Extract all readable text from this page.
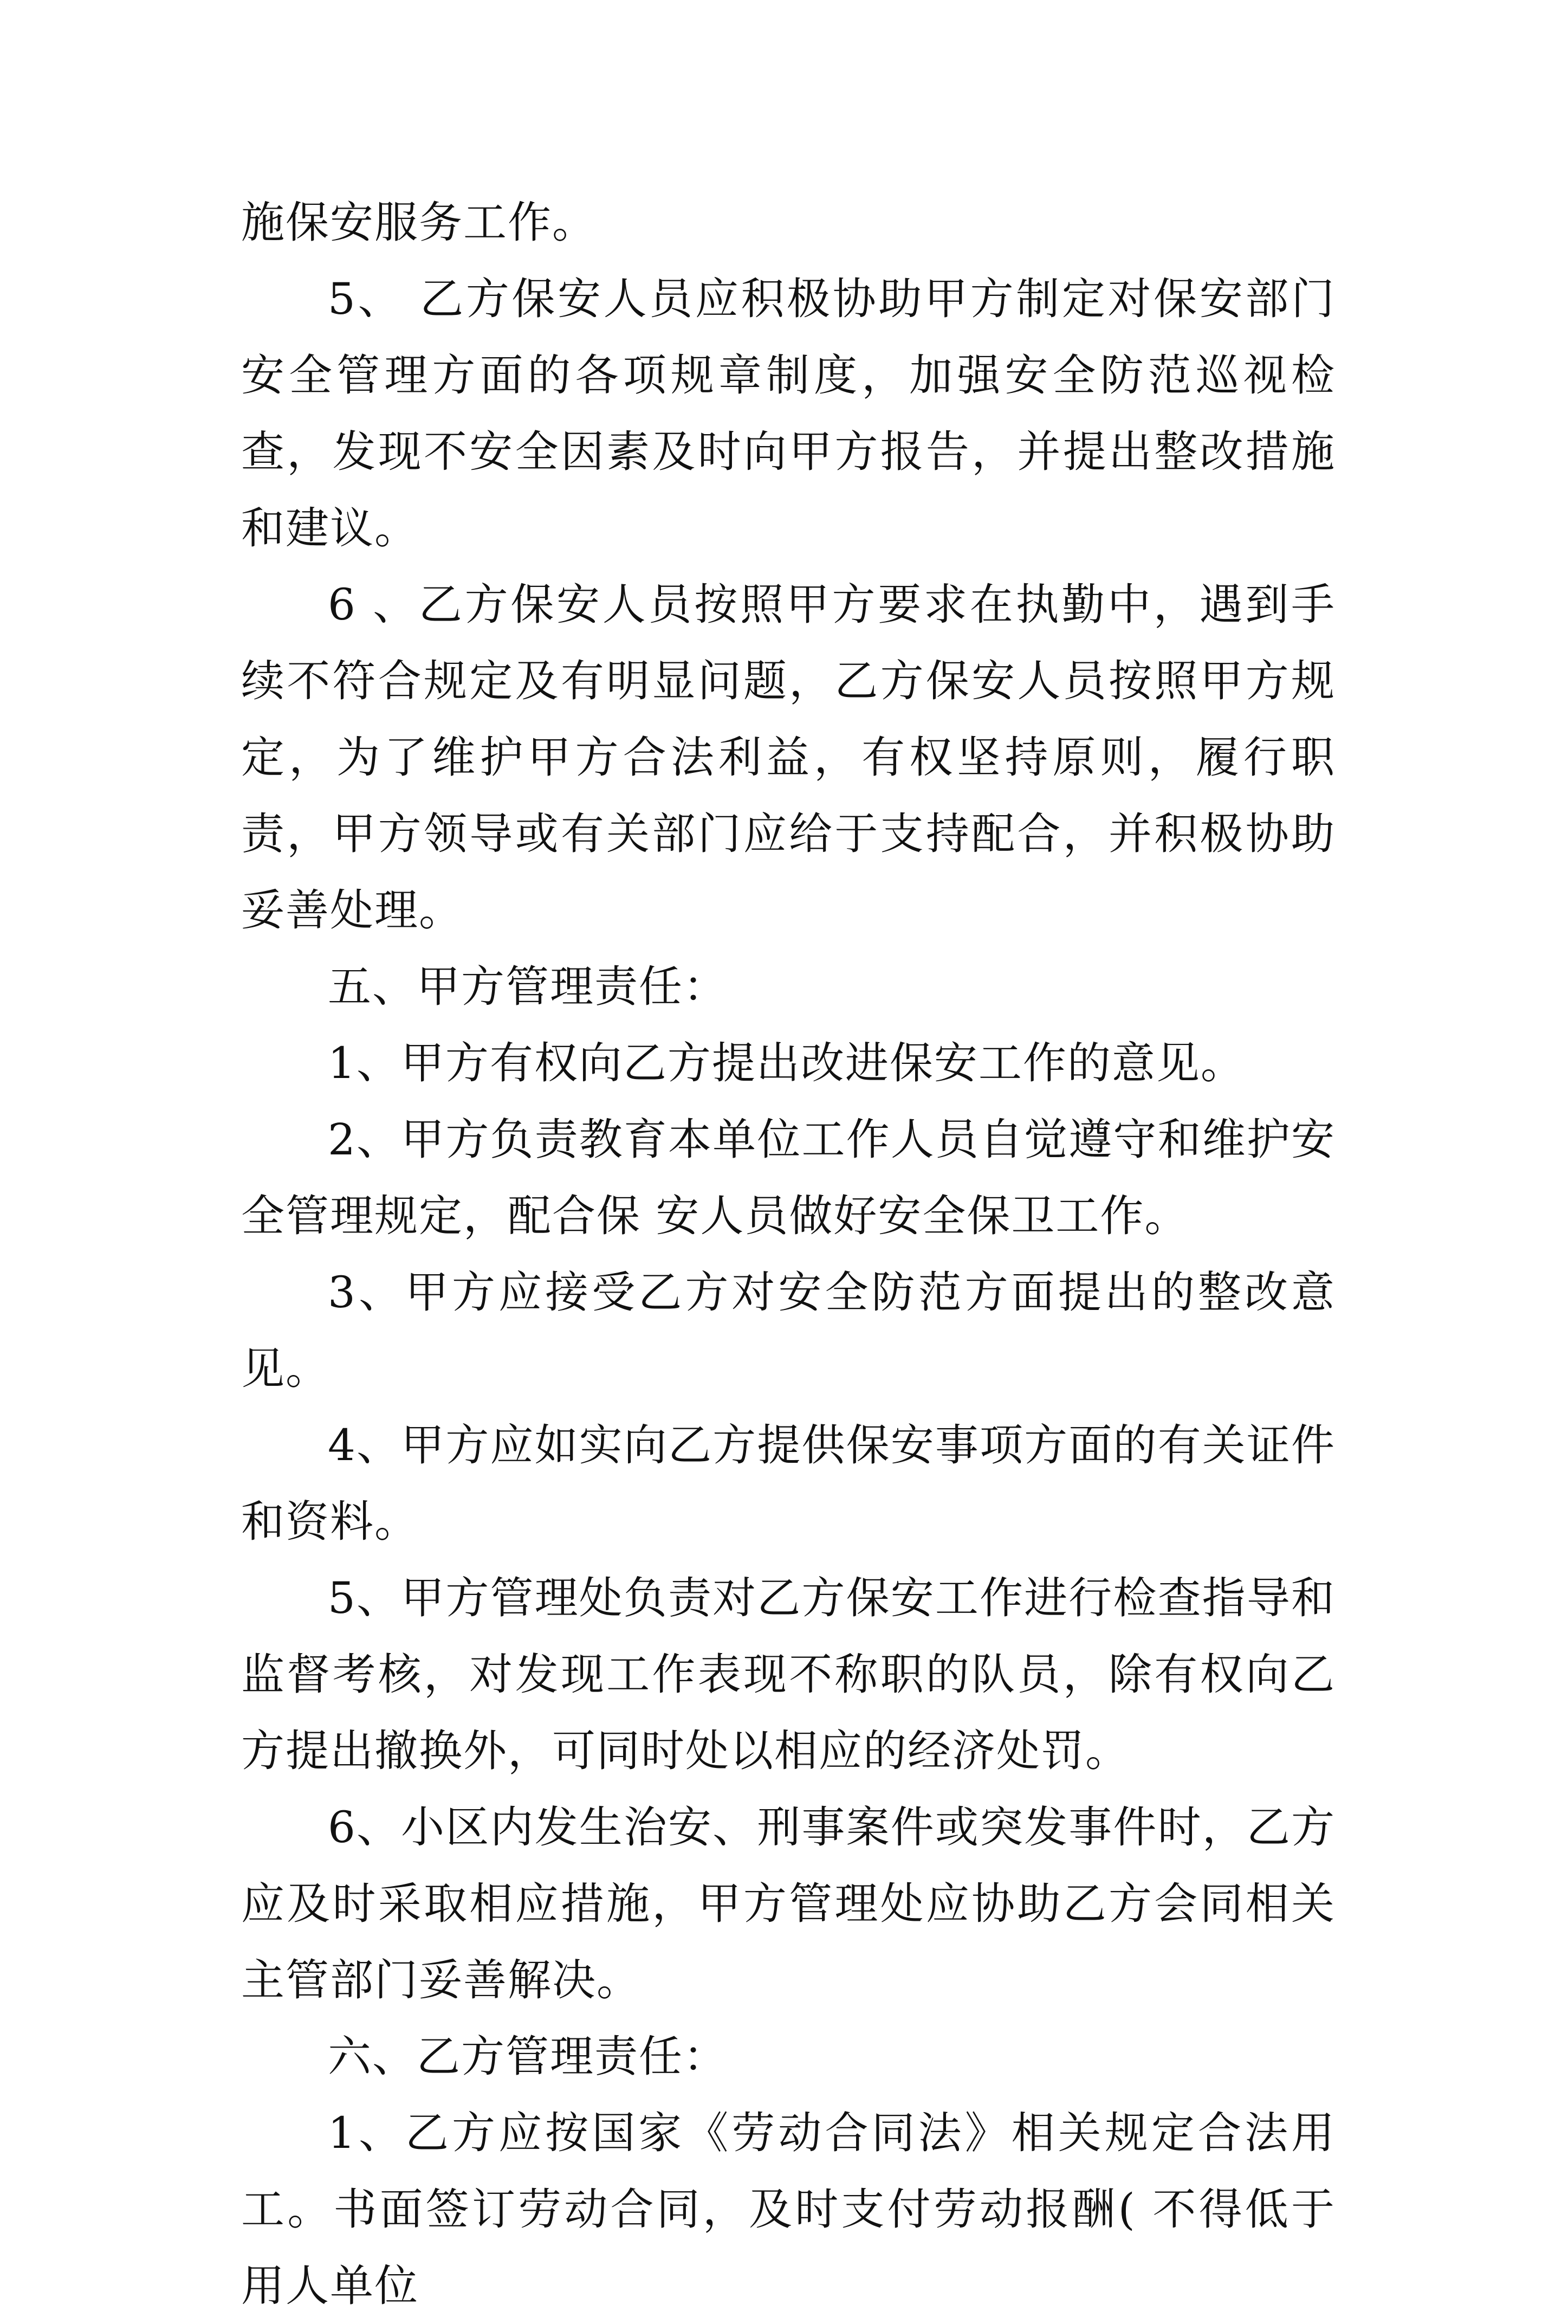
施保安服务工作。

5、 乙方保安人员应积极协助甲方制定对保安部门安全管理方面的各项规章制度，加强安全防范巡视检查，发现不安全因素及时向甲方报告，并提出整改措施和建议。

6 、乙方保安人员按照甲方要求在执勤中，遇到手续不符合规定及有明显问题，乙方保安人员按照甲方规定，为了维护甲方合法利益，有权坚持原则，履行职责，甲方领导或有关部门应给于支持配合，并积极协助妥善处理。

五、甲方管理责任：

1、甲方有权向乙方提出改进保安工作的意见。

2、甲方负责教育本单位工作人员自觉遵守和维护安全管理规定，配合保 安人员做好安全保卫工作。

3、甲方应接受乙方对安全防范方面提出的整改意见。

4、甲方应如实向乙方提供保安事项方面的有关证件和资料。

5、甲方管理处负责对乙方保安工作进行检查指导和监督考核，对发现工作表现不称职的队员，除有权向乙方提出撤换外，可同时处以相应的经济处罚。

6、小区内发生治安、刑事案件或突发事件时，乙方应及时采取相应措施，甲方管理处应协助乙方会同相关主管部门妥善解决。

六、乙方管理责任：

1、乙方应按国家《劳动合同法》相关规定合法用工。书面签订劳动合同，及时支付劳动报酬( 不得低于用人单位
